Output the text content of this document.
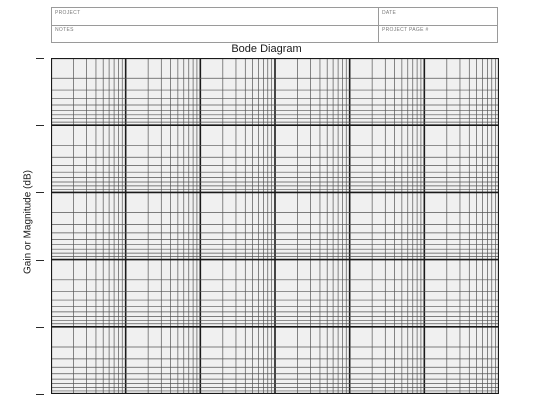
PROJECT	DATE
NOTES	PROJECT PAGE #
Bode Diagram
Gain or Magnitude (dB)
